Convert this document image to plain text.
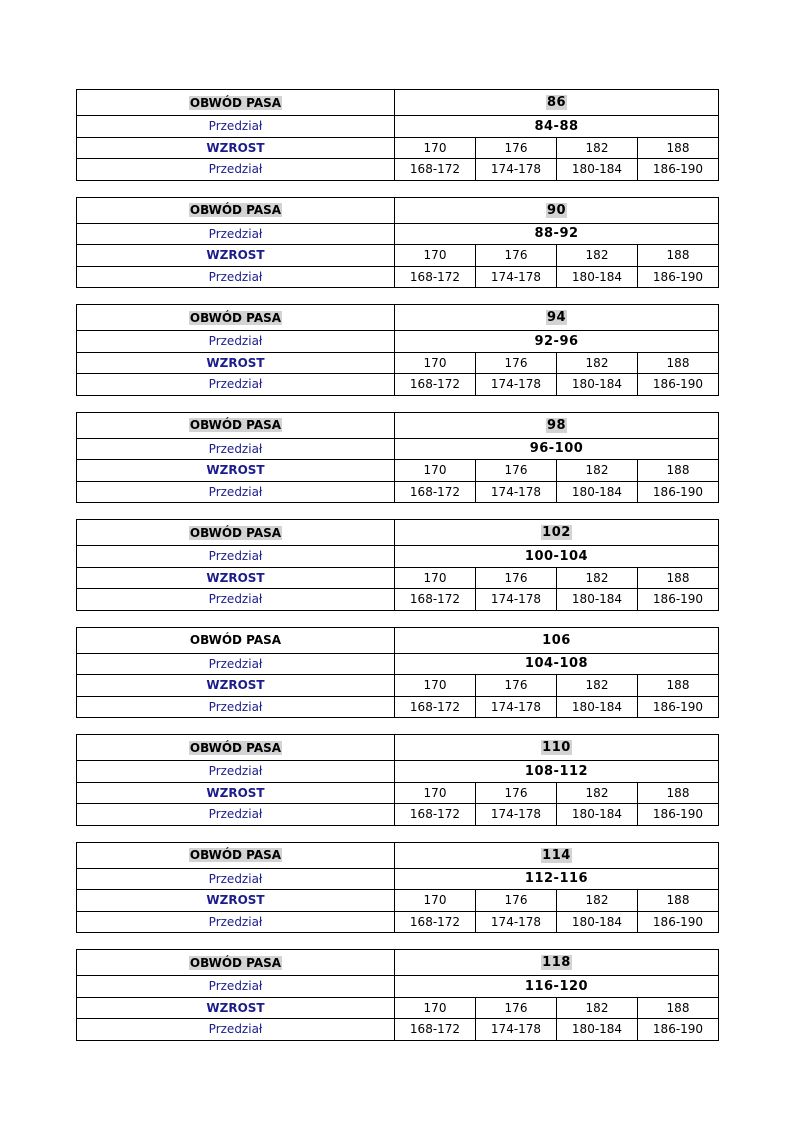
OBWÓD PASA	86			
Przedział	84-88			
WZROST	170	176	182	188
Przedział	168-172	174-178	180-184	186-190
OBWÓD PASA	90			
Przedział	88-92			
WZROST	170	176	182	188
Przedział	168-172	174-178	180-184	186-190
OBWÓD PASA	94			
Przedział	92-96			
WZROST	170	176	182	188
Przedział	168-172	174-178	180-184	186-190
OBWÓD PASA	98			
Przedział	96-100			
WZROST	170	176	182	188
Przedział	168-172	174-178	180-184	186-190
OBWÓD PASA	102			
Przedział	100-104			
WZROST	170	176	182	188
Przedział	168-172	174-178	180-184	186-190
OBWÓD PASA	106			
Przedział	104-108			
WZROST	170	176	182	188
Przedział	168-172	174-178	180-184	186-190
OBWÓD PASA	110			
Przedział	108-112			
WZROST	170	176	182	188
Przedział	168-172	174-178	180-184	186-190
OBWÓD PASA	114			
Przedział	112-116			
WZROST	170	176	182	188
Przedział	168-172	174-178	180-184	186-190
OBWÓD PASA	118			
Przedział	116-120			
WZROST	170	176	182	188
Przedział	168-172	174-178	180-184	186-190
